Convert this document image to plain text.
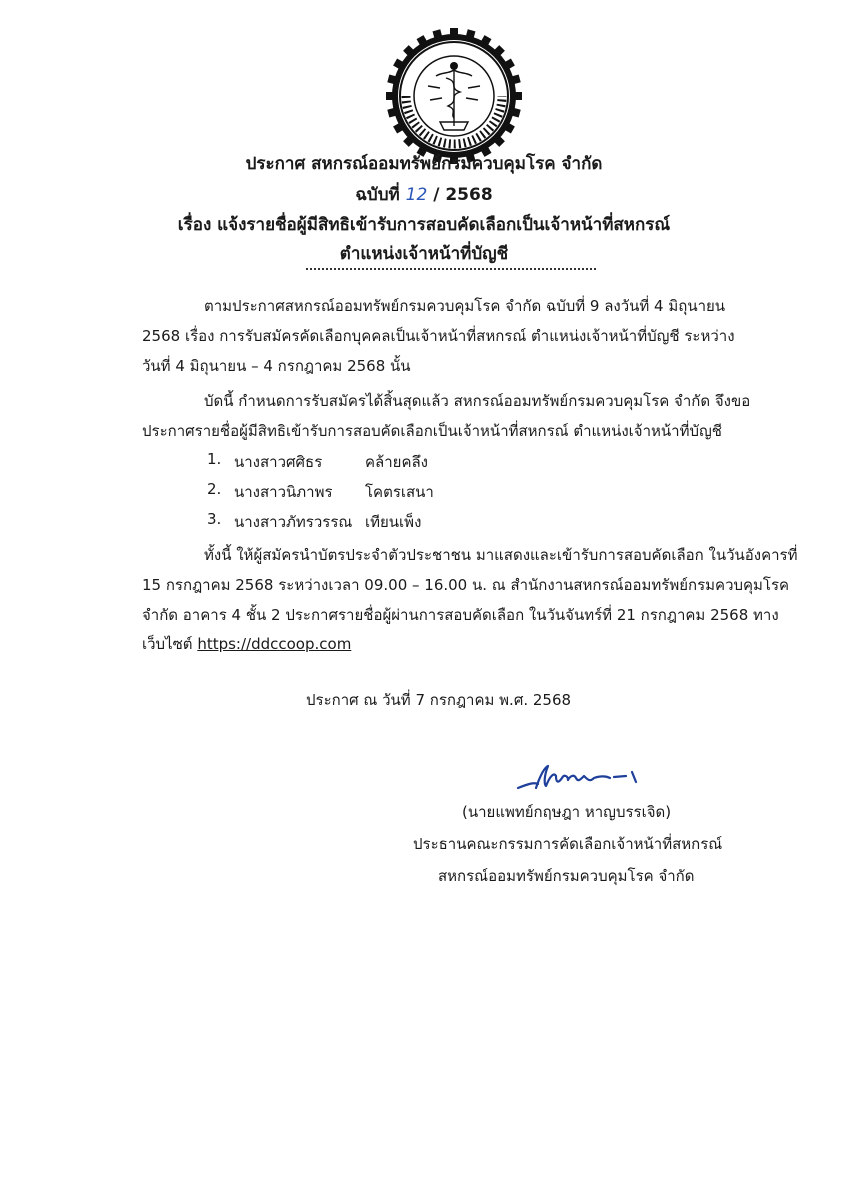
ประกาศ สหกรณ์ออมทรัพย์กรมควบคุมโรค จำกัด
ฉบับที่ 12 / 2568
เรื่อง แจ้งรายชื่อผู้มีสิทธิเข้ารับการสอบคัดเลือกเป็นเจ้าหน้าที่สหกรณ์
ตำแหน่งเจ้าหน้าที่บัญชี
ตามประกาศสหกรณ์ออมทรัพย์กรมควบคุมโรค จำกัด ฉบับที่ 9 ลงวันที่ 4 มิถุนายน
2568 เรื่อง การรับสมัครคัดเลือกบุคคลเป็นเจ้าหน้าที่สหกรณ์ ตำแหน่งเจ้าหน้าที่บัญชี ระหว่าง
วันที่ 4 มิถุนายน – 4 กรกฎาคม 2568 นั้น
บัดนี้ กำหนดการรับสมัครได้สิ้นสุดแล้ว สหกรณ์ออมทรัพย์กรมควบคุมโรค จำกัด จึงขอ
ประกาศรายชื่อผู้มีสิทธิเข้ารับการสอบคัดเลือกเป็นเจ้าหน้าที่สหกรณ์ ตำแหน่งเจ้าหน้าที่บัญชี
1. นางสาวศศิธร	คล้ายคลึง
2. นางสาวนิภาพร โคตรเสนา
3. นางสาวภัทรวรรณ เทียนเพ็ง
ทั้งนี้ ให้ผู้สมัครนำบัตรประจำตัวประชาชน มาแสดงและเข้ารับการสอบคัดเลือก ในวันอังคารที่
15 กรกฎาคม 2568 ระหว่างเวลา 09.00 – 16.00 น. ณ สำนักงานสหกรณ์ออมทรัพย์กรมควบคุมโรค
จำกัด อาคาร 4 ชั้น 2 ประกาศรายชื่อผู้ผ่านการสอบคัดเลือก ในวันจันทร์ที่ 21 กรกฎาคม 2568 ทาง
เว็บไซต์ https://ddccoop.com
ประกาศ ณ วันที่ 7 กรกฎาคม พ.ศ. 2568
(นายแพทย์กฤษฎา หาญบรรเจิด)
ประธานคณะกรรมการคัดเลือกเจ้าหน้าที่สหกรณ์
สหกรณ์ออมทรัพย์กรมควบคุมโรค จำกัด
